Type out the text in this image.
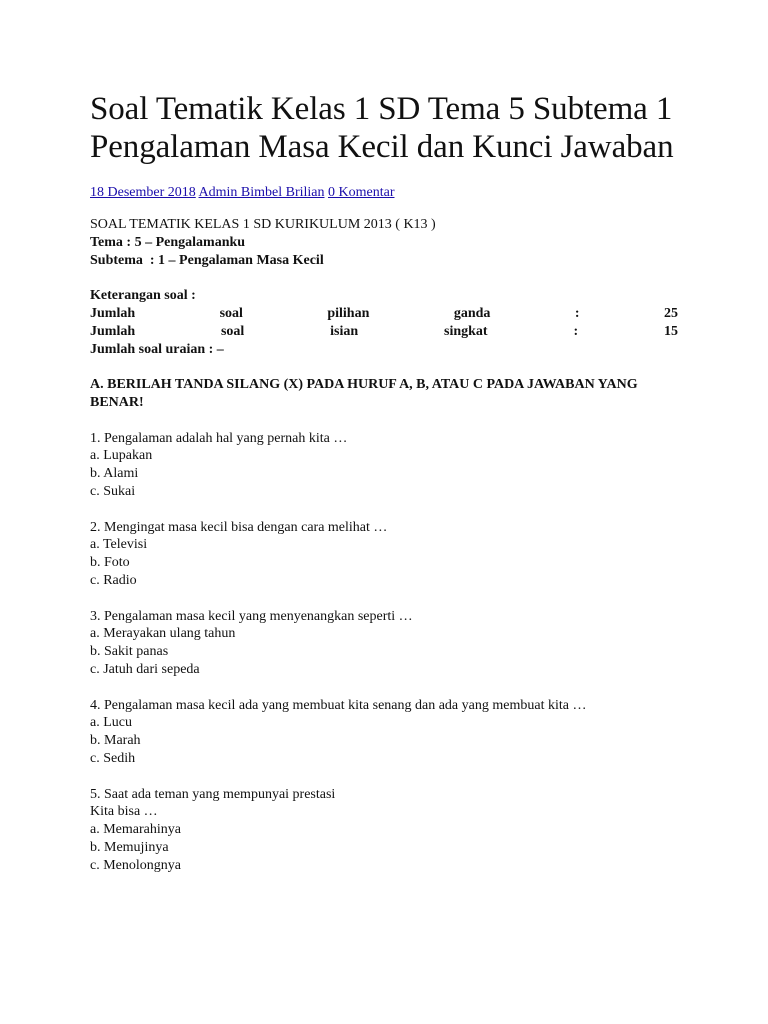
Soal Tematik Kelas 1 SD Tema 5 Subtema 1 Pengalaman Masa Kecil dan Kunci Jawaban
18 Desember 2018 Admin Bimbel Brilian 0 Komentar
SOAL TEMATIK KELAS 1 SD KURIKULUM 2013 ( K13 )
Tema : 5 – Pengalamanku
Subtema  : 1 – Pengalaman Masa Kecil
Keterangan soal :
Jumlah	soal	pilihan	ganda	:	25
Jumlah	soal	isian	singkat	:	15
Jumlah soal uraian : –
A. BERILAH TANDA SILANG (X) PADA HURUF A, B, ATAU C PADA JAWABAN YANG BENAR!
1. Pengalaman adalah hal yang pernah kita …
a. Lupakan
b. Alami
c. Sukai
2. Mengingat masa kecil bisa dengan cara melihat …
a. Televisi
b. Foto
c. Radio
3. Pengalaman masa kecil yang menyenangkan seperti …
a. Merayakan ulang tahun
b. Sakit panas
c. Jatuh dari sepeda
4. Pengalaman masa kecil ada yang membuat kita senang dan ada yang membuat kita …
a. Lucu
b. Marah
c. Sedih
5. Saat ada teman yang mempunyai prestasi
Kita bisa …
a. Memarahinya
b. Memujinya
c. Menolongnya
